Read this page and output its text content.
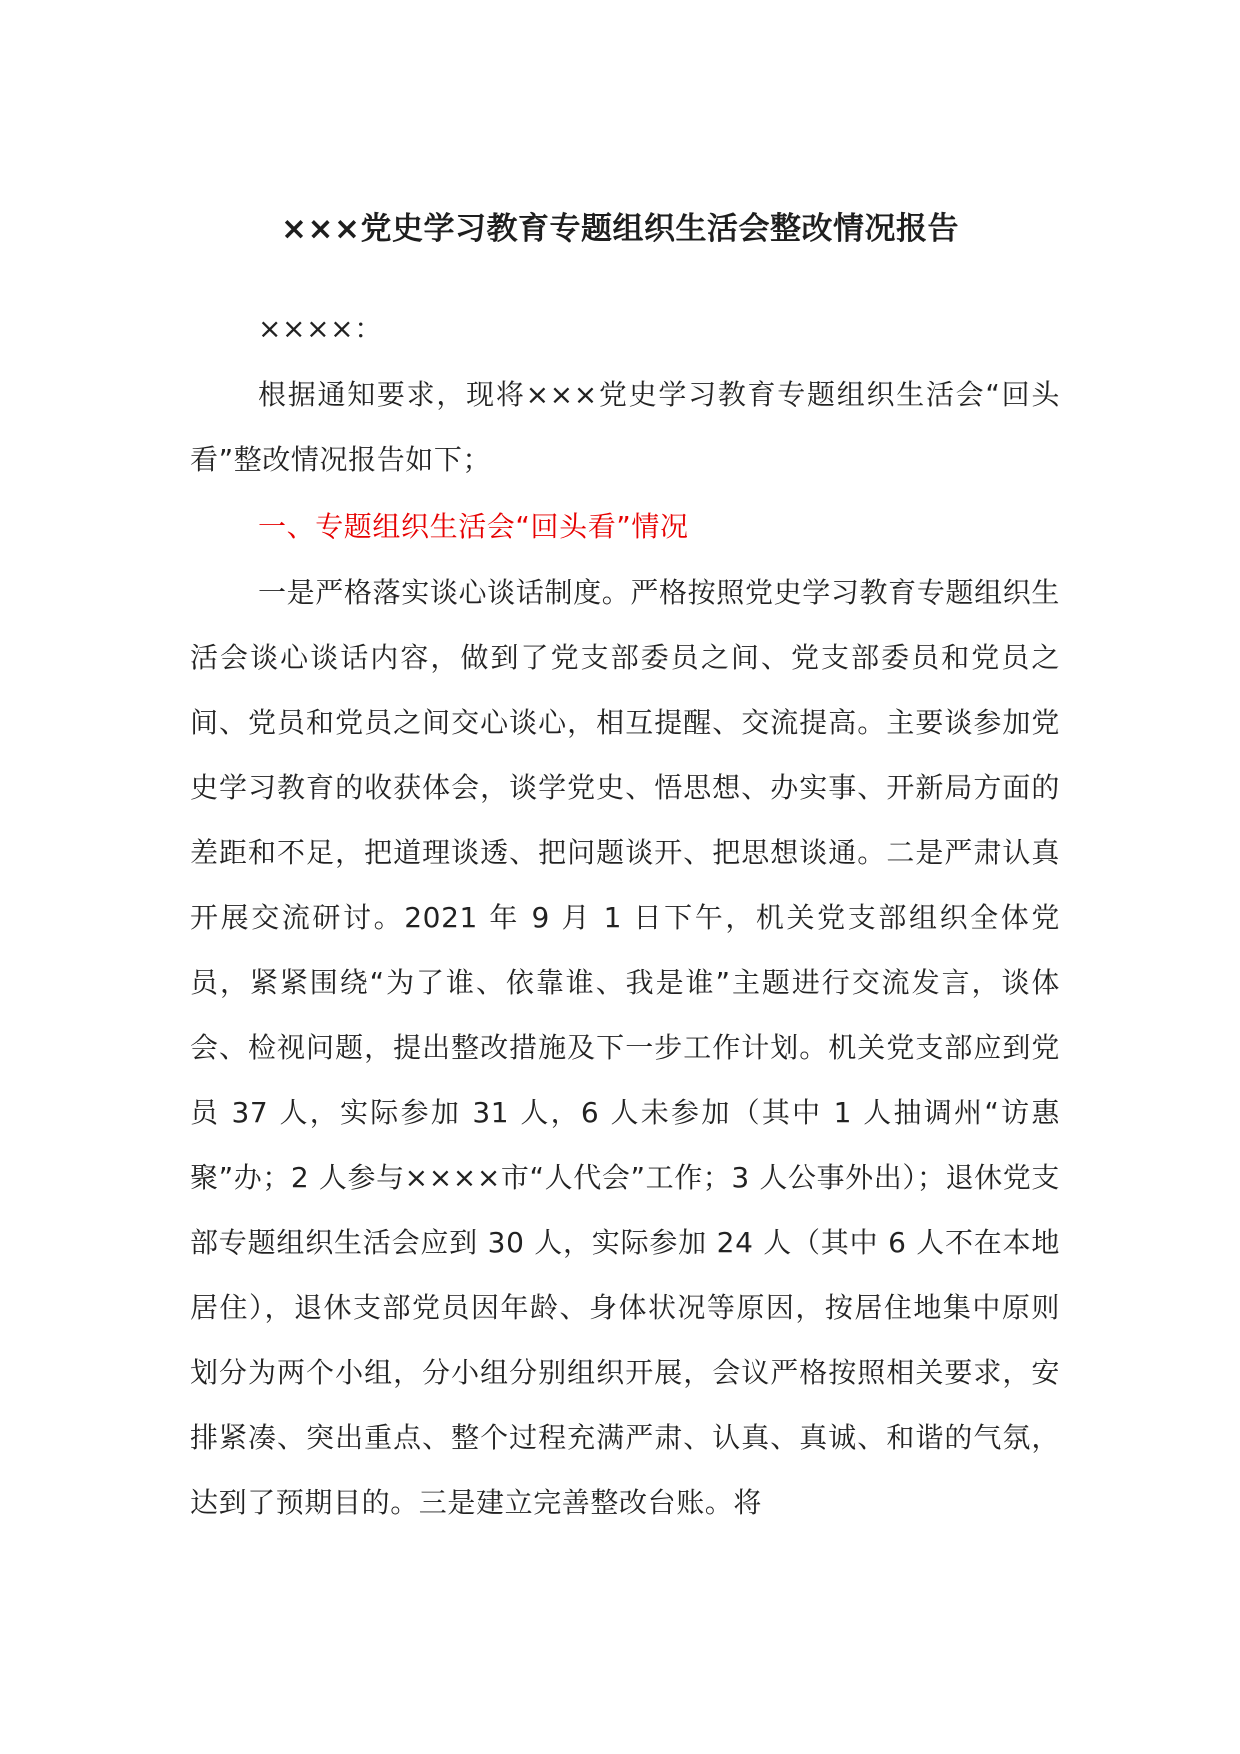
×××党史学习教育专题组织生活会整改情况报告
××××：
根据通知要求，现将×××党史学习教育专题组织生活会“回头看”整改情况报告如下；
一、专题组织生活会“回头看”情况
一是严格落实谈心谈话制度。严格按照党史学习教育专题组织生活会谈心谈话内容，做到了党支部委员之间、党支部委员和党员之间、党员和党员之间交心谈心，相互提醒、交流提高。主要谈参加党史学习教育的收获体会，谈学党史、悟思想、办实事、开新局方面的差距和不足，把道理谈透、把问题谈开、把思想谈通。二是严肃认真开展交流研讨。2021 年 9 月 1 日下午，机关党支部组织全体党员，紧紧围绕“为了谁、依靠谁、我是谁”主题进行交流发言，谈体会、检视问题，提出整改措施及下一步工作计划。机关党支部应到党员 37 人，实际参加 31 人，6 人未参加（其中 1 人抽调州“访惠聚”办；2 人参与××××市“人代会”工作；3 人公事外出）；退休党支部专题组织生活会应到 30 人，实际参加 24 人（其中 6 人不在本地居住），退休支部党员因年龄、身体状况等原因，按居住地集中原则划分为两个小组，分小组分别组织开展，会议严格按照相关要求，安排紧凑、突出重点、整个过程充满严肃、认真、真诚、和谐的气氛，达到了预期目的。三是建立完善整改台账。将
